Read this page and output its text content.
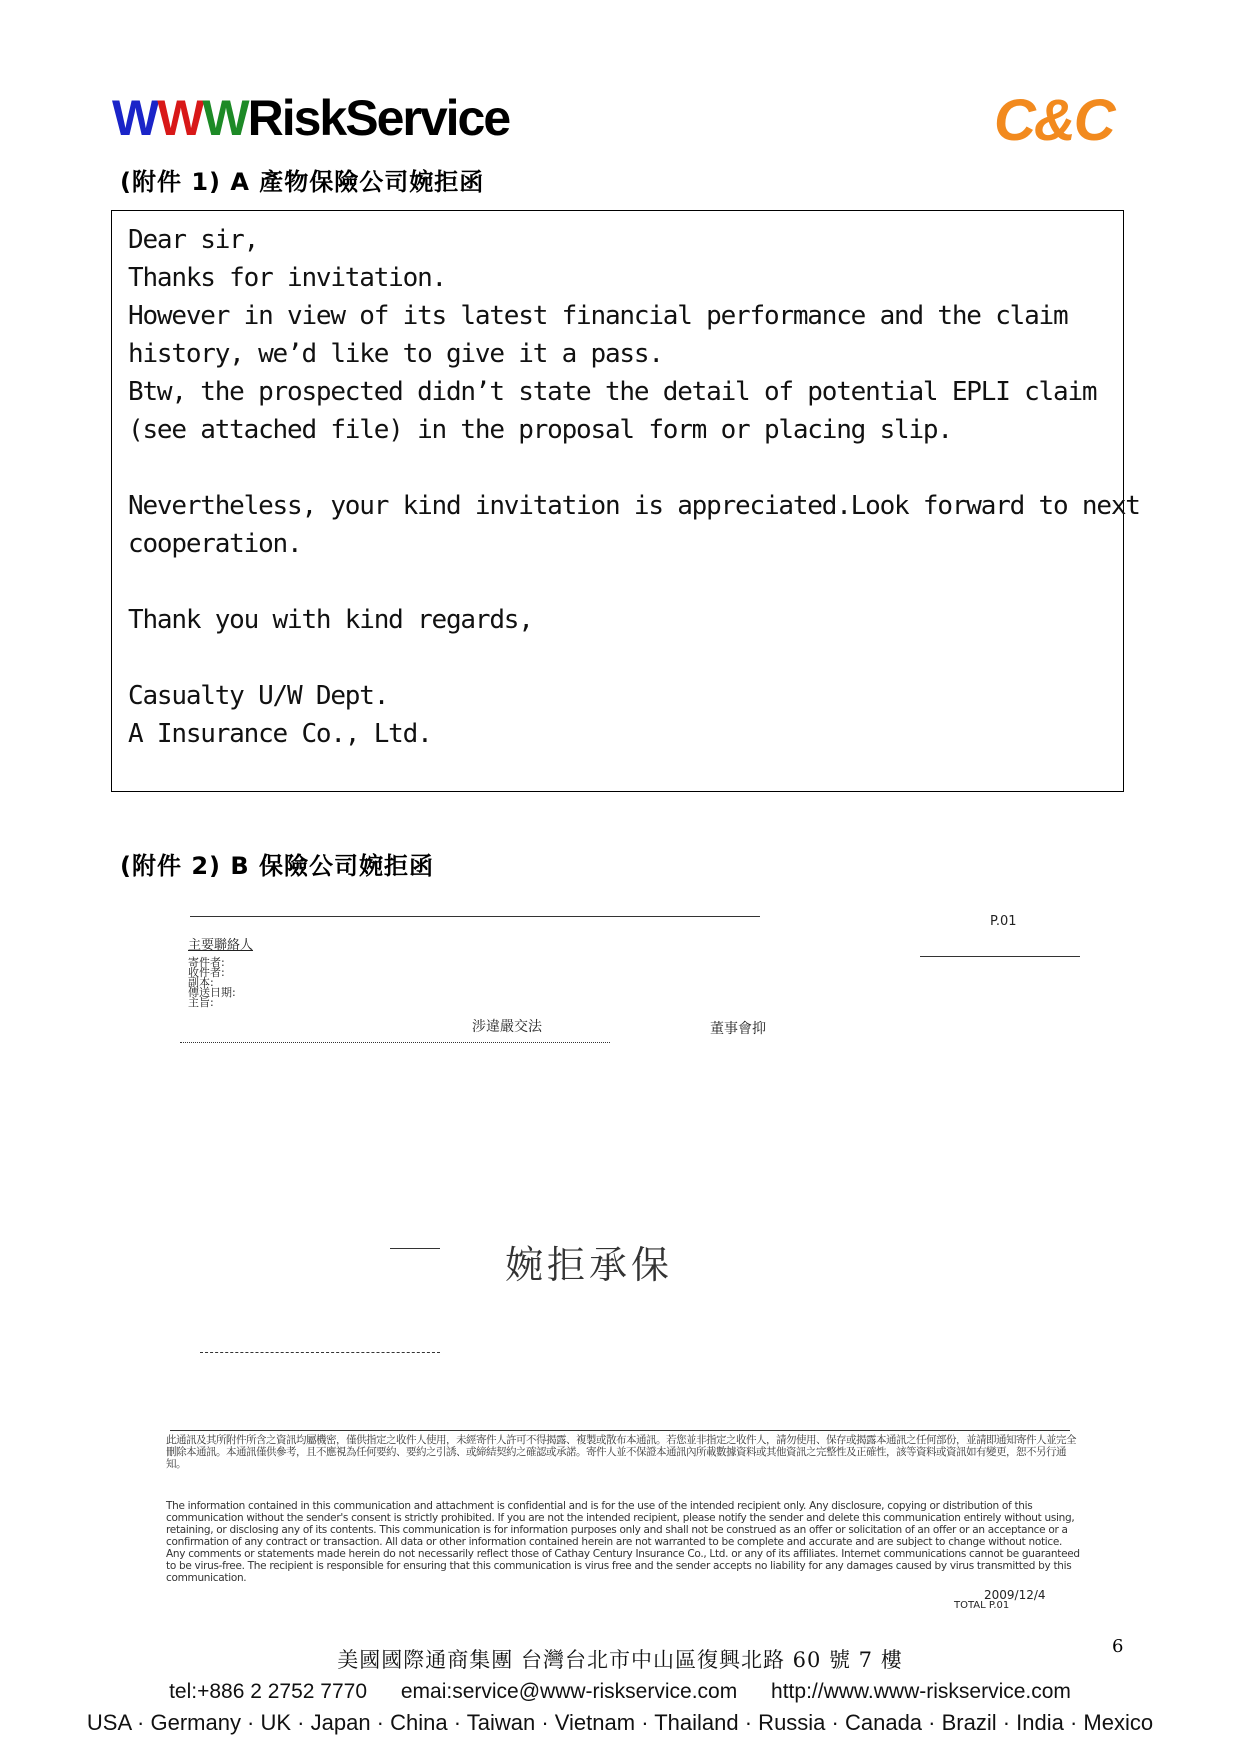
WWWRiskService	C&C
(附件 1) A 產物保險公司婉拒函

Dear sir,

Thanks for invitation.

However in view of its latest financial performance and the claim

history, we’d like to give it a pass.

Btw, the prospected didn’t state the detail of potential EPLI claim

(see attached file) in the proposal form or placing slip.

Nevertheless, your kind invitation is appreciated.Look forward to next

cooperation.

Thank you with kind regards,

Casualty U/W Dept.

A Insurance Co., Ltd.

(附件 2) B 保險公司婉拒函
P.01
主要聯絡人
寄件者:
收件者:
副本:
傳送日期:
主旨:
涉違嚴交法	董事會抑
此通訊及其所附件所含之資訊均屬機密，僅供指定之收件人使用，未經寄件人許可不得揭露、複製或散布本通訊。若您並非指定之收件人，請勿使用、保存或揭露本通訊之任何部份，並請即通知寄件人並完全刪除本通訊。本通訊僅供參考，且不應視為任何要約、要約之引誘、或締結契約之確認或承諾。寄件人並不保證本通訊內所載數據資料或其他資訊之完整性及正確性，該等資料或資訊如有變更，恕不另行通知。
The information contained in this communication and attachment is confidential and is for the use of the intended recipient only. Any disclosure, copying or distribution of this communication without the sender's consent is strictly prohibited. If you are not the intended recipient, please notify the sender and delete this communication entirely without using, retaining, or disclosing any of its contents. This communication is for information purposes only and shall not be construed as an offer or solicitation of an offer or an acceptance or a confirmation of any contract or transaction. All data or other information contained herein are not warranted to be complete and accurate and are subject to change without notice. Any comments or statements made herein do not necessarily reflect those of Cathay Century Insurance Co., Ltd. or any of its affiliates. Internet communications cannot be guaranteed to be virus-free. The recipient is responsible for ensuring that this communication is virus free and the sender accepts no liability for any damages caused by virus transmitted by this communication.
2009/12/4
TOTAL P.01
婉拒承保
6
美國國際通商集團 台灣台北市中山區復興北路 60 號 7 樓
tel:+886 2 2752 7770 emai:service@www-riskservice.com http://www.www-riskservice.com
USA · Germany · UK · Japan · China · Taiwan · Vietnam · Thailand · Russia · Canada · Brazil · India · Mexico
